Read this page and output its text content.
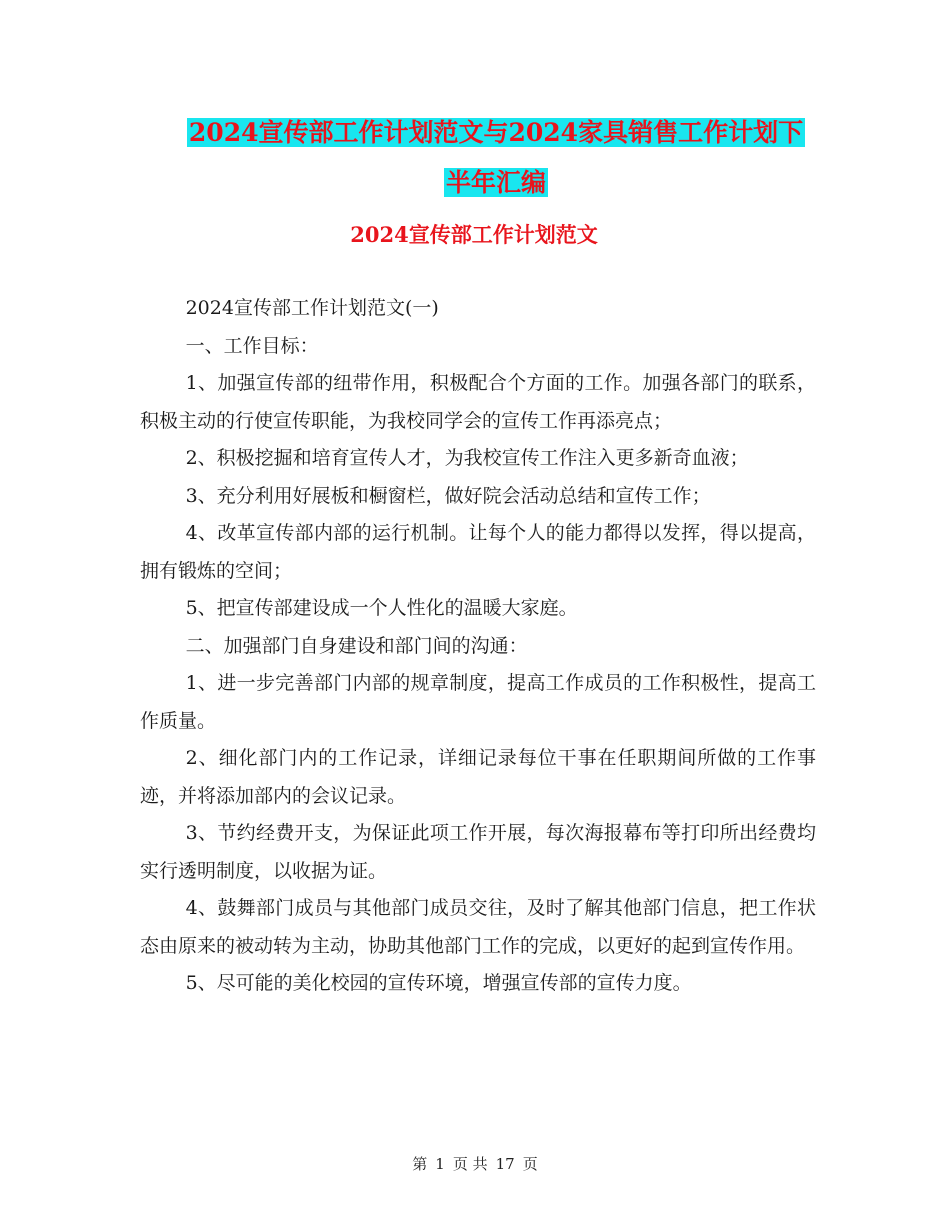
2024宣传部工作计划范文与2024家具销售工作计划下
半年汇编
2024宣传部工作计划范文

2024宣传部工作计划范文(一)

一、工作目标：

1、加强宣传部的纽带作用，积极配合个方面的工作。加强各部门的联系，积极主动的行使宣传职能，为我校同学会的宣传工作再添亮点；

2、积极挖掘和培育宣传人才，为我校宣传工作注入更多新奇血液；

3、充分利用好展板和橱窗栏，做好院会活动总结和宣传工作；

4、改革宣传部内部的运行机制。让每个人的能力都得以发挥，得以提高，拥有锻炼的空间；

5、把宣传部建设成一个人性化的温暖大家庭。

二、加强部门自身建设和部门间的沟通：

1、进一步完善部门内部的规章制度，提高工作成员的工作积极性，提高工作质量。

2、细化部门内的工作记录，详细记录每位干事在任职期间所做的工作事迹，并将添加部内的会议记录。

3、节约经费开支，为保证此项工作开展，每次海报幕布等打印所出经费均实行透明制度，以收据为证。

4、鼓舞部门成员与其他部门成员交往，及时了解其他部门信息，把工作状态由原来的被动转为主动，协助其他部门工作的完成，以更好的起到宣传作用。

5、尽可能的美化校园的宣传环境，增强宣传部的宣传力度。

第 1 页 共 17 页
